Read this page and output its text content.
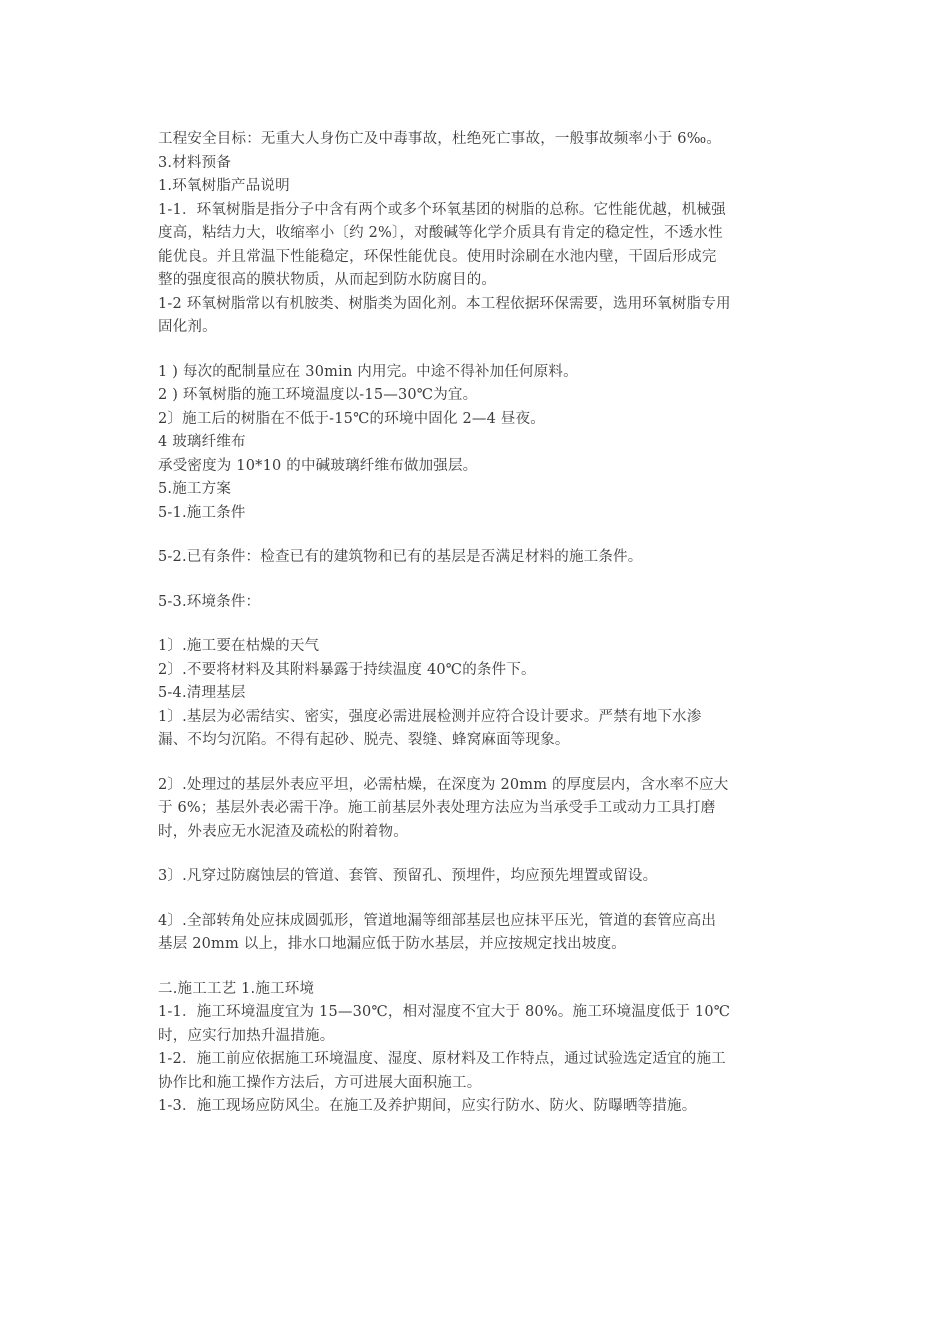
工程安全目标：无重大人身伤亡及中毒事故，杜绝死亡事故，一般事故频率小于 6‰。

3.材料预备

1.环氧树脂产品说明

1-1．环氧树脂是指分子中含有两个或多个环氧基团的树脂的总称。它性能优越，机械强

度高，粘结力大，收缩率小〔约 2%〕，对酸碱等化学介质具有肯定的稳定性，不透水性

能优良。并且常温下性能稳定，环保性能优良。使用时涂刷在水池内壁，干固后形成完

整的强度很高的膜状物质，从而起到防水防腐目的。

1-2 环氧树脂常以有机胺类、树脂类为固化剂。本工程依据环保需要，选用环氧树脂专用

固化剂。

1 ) 每次的配制量应在 30min 内用完。中途不得补加任何原料。

2 ) 环氧树脂的施工环境温度以-15—30℃为宜。

2〕施工后的树脂在不低于-15℃的环境中固化 2—4 昼夜。

4 玻璃纤维布

承受密度为 10*10 的中碱玻璃纤维布做加强层。

5.施工方案

5-1.施工条件

5-2.已有条件：检查已有的建筑物和已有的基层是否满足材料的施工条件。

5-3.环境条件：

1〕.施工要在枯燥的天气

2〕.不要将材料及其附料暴露于持续温度 40℃的条件下。

5-4.清理基层

1〕.基层为必需结实、密实，强度必需进展检测并应符合设计要求。严禁有地下水渗

漏、不均匀沉陷。不得有起砂、脱壳、裂缝、蜂窝麻面等现象。

2〕.处理过的基层外表应平坦，必需枯燥，在深度为 20mm 的厚度层内，含水率不应大

于 6%；基层外表必需干净。施工前基层外表处理方法应为当承受手工或动力工具打磨

时，外表应无水泥渣及疏松的附着物。

3〕.凡穿过防腐蚀层的管道、套管、预留孔、预埋件，均应预先埋置或留设。

4〕.全部转角处应抹成圆弧形，管道地漏等细部基层也应抹平压光，管道的套管应高出

基层 20mm 以上，排水口地漏应低于防水基层，并应按规定找出坡度。

二.施工工艺 1.施工环境

1-1．施工环境温度宜为 15—30℃，相对湿度不宜大于 80%。施工环境温度低于 10℃

时，应实行加热升温措施。

1-2．施工前应依据施工环境温度、湿度、原材料及工作特点，通过试验选定适宜的施工

协作比和施工操作方法后，方可进展大面积施工。

1-3．施工现场应防风尘。在施工及养护期间，应实行防水、防火、防曝晒等措施。
